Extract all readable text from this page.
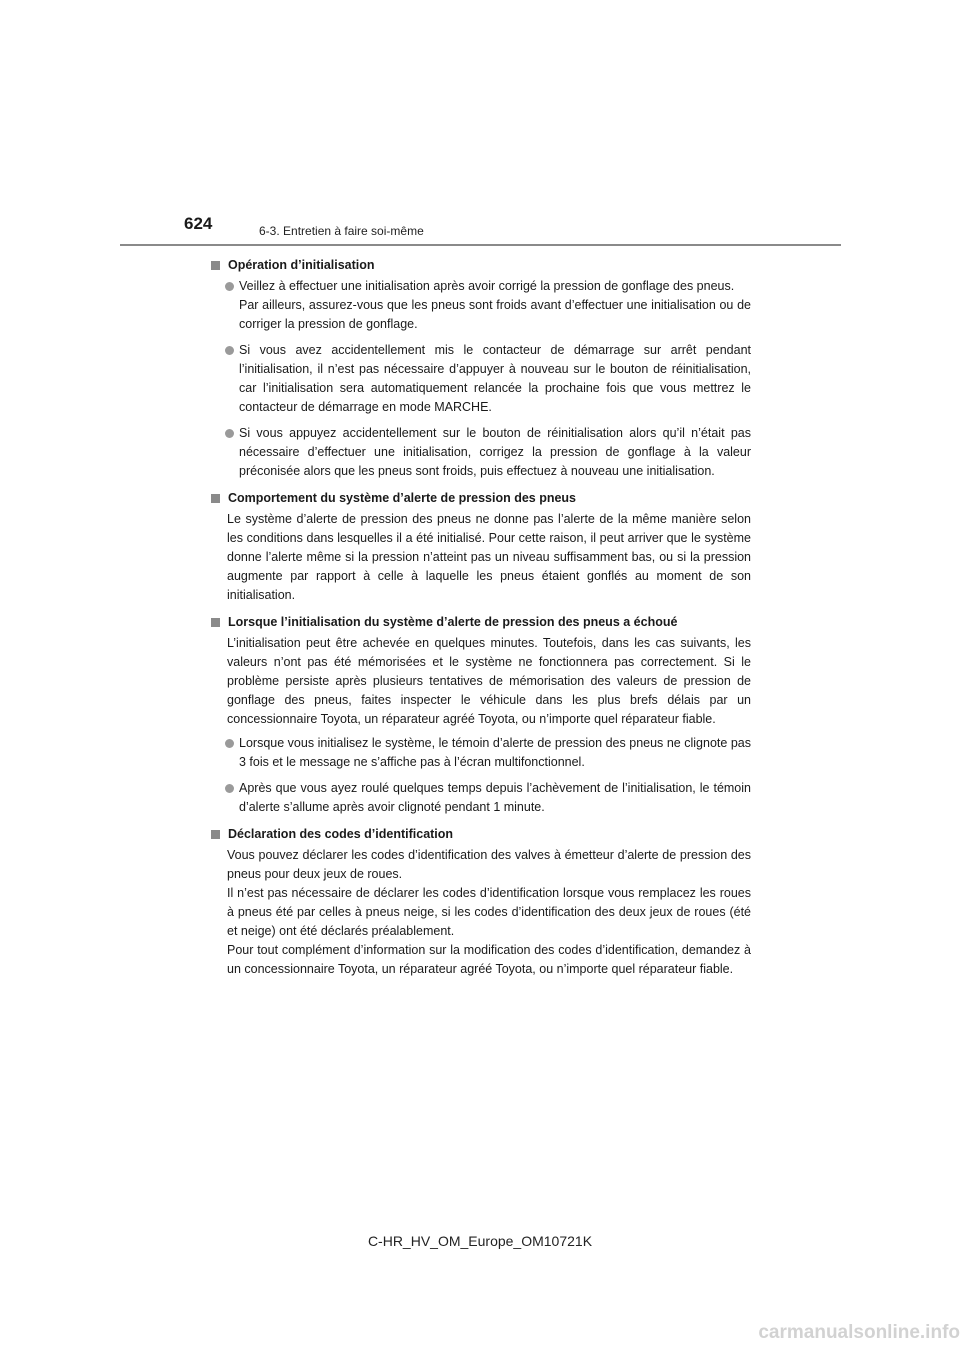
624	6-3. Entretien à faire soi-même
Opération d’initialisation
Veillez à effectuer une initialisation après avoir corrigé la pression de gonflage des pneus.
Par ailleurs, assurez-vous que les pneus sont froids avant d’effectuer une initialisation ou de corriger la pression de gonflage.
Si vous avez accidentellement mis le contacteur de démarrage sur arrêt pendant l’initialisation, il n’est pas nécessaire d’appuyer à nouveau sur le bouton de réinitialisation, car l’initialisation sera automatiquement relancée la prochaine fois que vous mettrez le contacteur de démarrage en mode MARCHE.
Si vous appuyez accidentellement sur le bouton de réinitialisation alors qu’il n’était pas nécessaire d’effectuer une initialisation, corrigez la pression de gonflage à la valeur préconisée alors que les pneus sont froids, puis effectuez à nouveau une initialisation.
Comportement du système d’alerte de pression des pneus
Le système d’alerte de pression des pneus ne donne pas l’alerte de la même manière selon les conditions dans lesquelles il a été initialisé. Pour cette raison, il peut arriver que le système donne l’alerte même si la pression n’atteint pas un niveau suffisamment bas, ou si la pression augmente par rapport à celle à laquelle les pneus étaient gonflés au moment de son initialisation.
Lorsque l’initialisation du système d’alerte de pression des pneus a échoué
L’initialisation peut être achevée en quelques minutes. Toutefois, dans les cas suivants, les valeurs n’ont pas été mémorisées et le système ne fonctionnera pas correctement. Si le problème persiste après plusieurs tentatives de mémorisation des valeurs de pression de gonflage des pneus, faites inspecter le véhicule dans les plus brefs délais par un concessionnaire Toyota, un réparateur agréé Toyota, ou n’importe quel réparateur fiable.
Lorsque vous initialisez le système, le témoin d’alerte de pression des pneus ne clignote pas 3 fois et le message ne s’affiche pas à l’écran multifonctionnel.
Après que vous ayez roulé quelques temps depuis l’achèvement de l’initialisation, le témoin d’alerte s’allume après avoir clignoté pendant 1 minute.
Déclaration des codes d’identification
Vous pouvez déclarer les codes d’identification des valves à émetteur d’alerte de pression des pneus pour deux jeux de roues.
Il n’est pas nécessaire de déclarer les codes d’identification lorsque vous remplacez les roues à pneus été par celles à pneus neige, si les codes d’identification des deux jeux de roues (été et neige) ont été déclarés préalablement.
Pour tout complément d’information sur la modification des codes d’identification, demandez à un concessionnaire Toyota, un réparateur agréé Toyota, ou n’importe quel réparateur fiable.
C-HR_HV_OM_Europe_OM10721K
carmanualsonline.info
